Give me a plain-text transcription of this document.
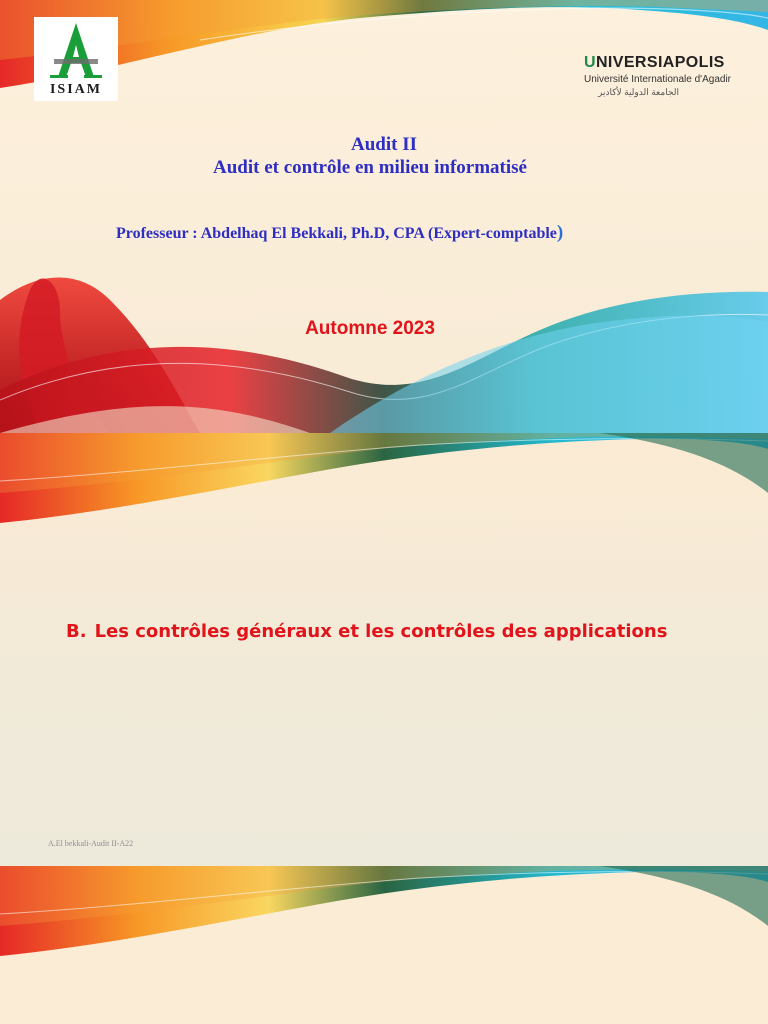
ISIAM
UNIVERSIAPOLIS
Université Internationale d'Agadir
الجامعة الدولية لأكادير
Audit II
Audit et contrôle en milieu informatisé
Professeur : Abdelhaq El Bekkali, Ph.D, CPA (Expert-comptable)
Automne 2023
B. Les contrôles généraux et les contrôles des applications
A.El bekkali-Audit II-A22
